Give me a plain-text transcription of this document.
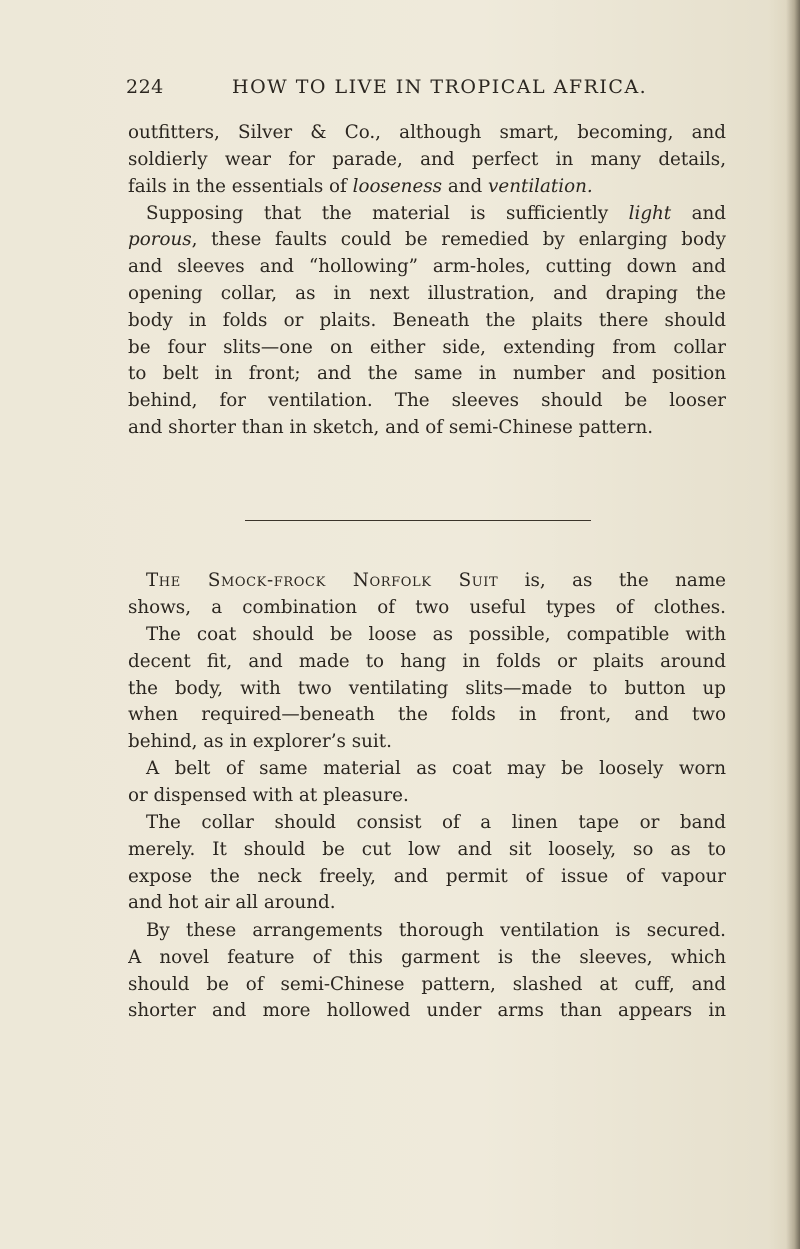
224	HOW TO LIVE IN TROPICAL AFRICA.
outfitters, Silver & Co., although smart, becoming, and
soldierly wear for parade, and perfect in many details,
fails in the essentials of looseness and ventilation.
Supposing that the material is sufficiently light and
porous, these faults could be remedied by enlarging body
and sleeves and “hollowing” arm-holes, cutting down and
opening collar, as in next illustration, and draping the
body in folds or plaits. Beneath the plaits there should
be four slits—one on either side, extending from collar
to belt in front; and the same in number and position
behind, for ventilation. The sleeves should be looser
and shorter than in sketch, and of semi-Chinese pattern.
The Smock-frock Norfolk Suit is, as the name
shows, a combination of two useful types of clothes.
The coat should be loose as possible, compatible with
decent fit, and made to hang in folds or plaits around
the body, with two ventilating slits—made to button up
when required—beneath the folds in front, and two
behind, as in explorer’s suit.
A belt of same material as coat may be loosely worn
or dispensed with at pleasure.
The collar should consist of a linen tape or band
merely. It should be cut low and sit loosely, so as to
expose the neck freely, and permit of issue of vapour
and hot air all around.
By these arrangements thorough ventilation is secured.
A novel feature of this garment is the sleeves, which
should be of semi-Chinese pattern, slashed at cuff, and
shorter and more hollowed under arms than appears in
